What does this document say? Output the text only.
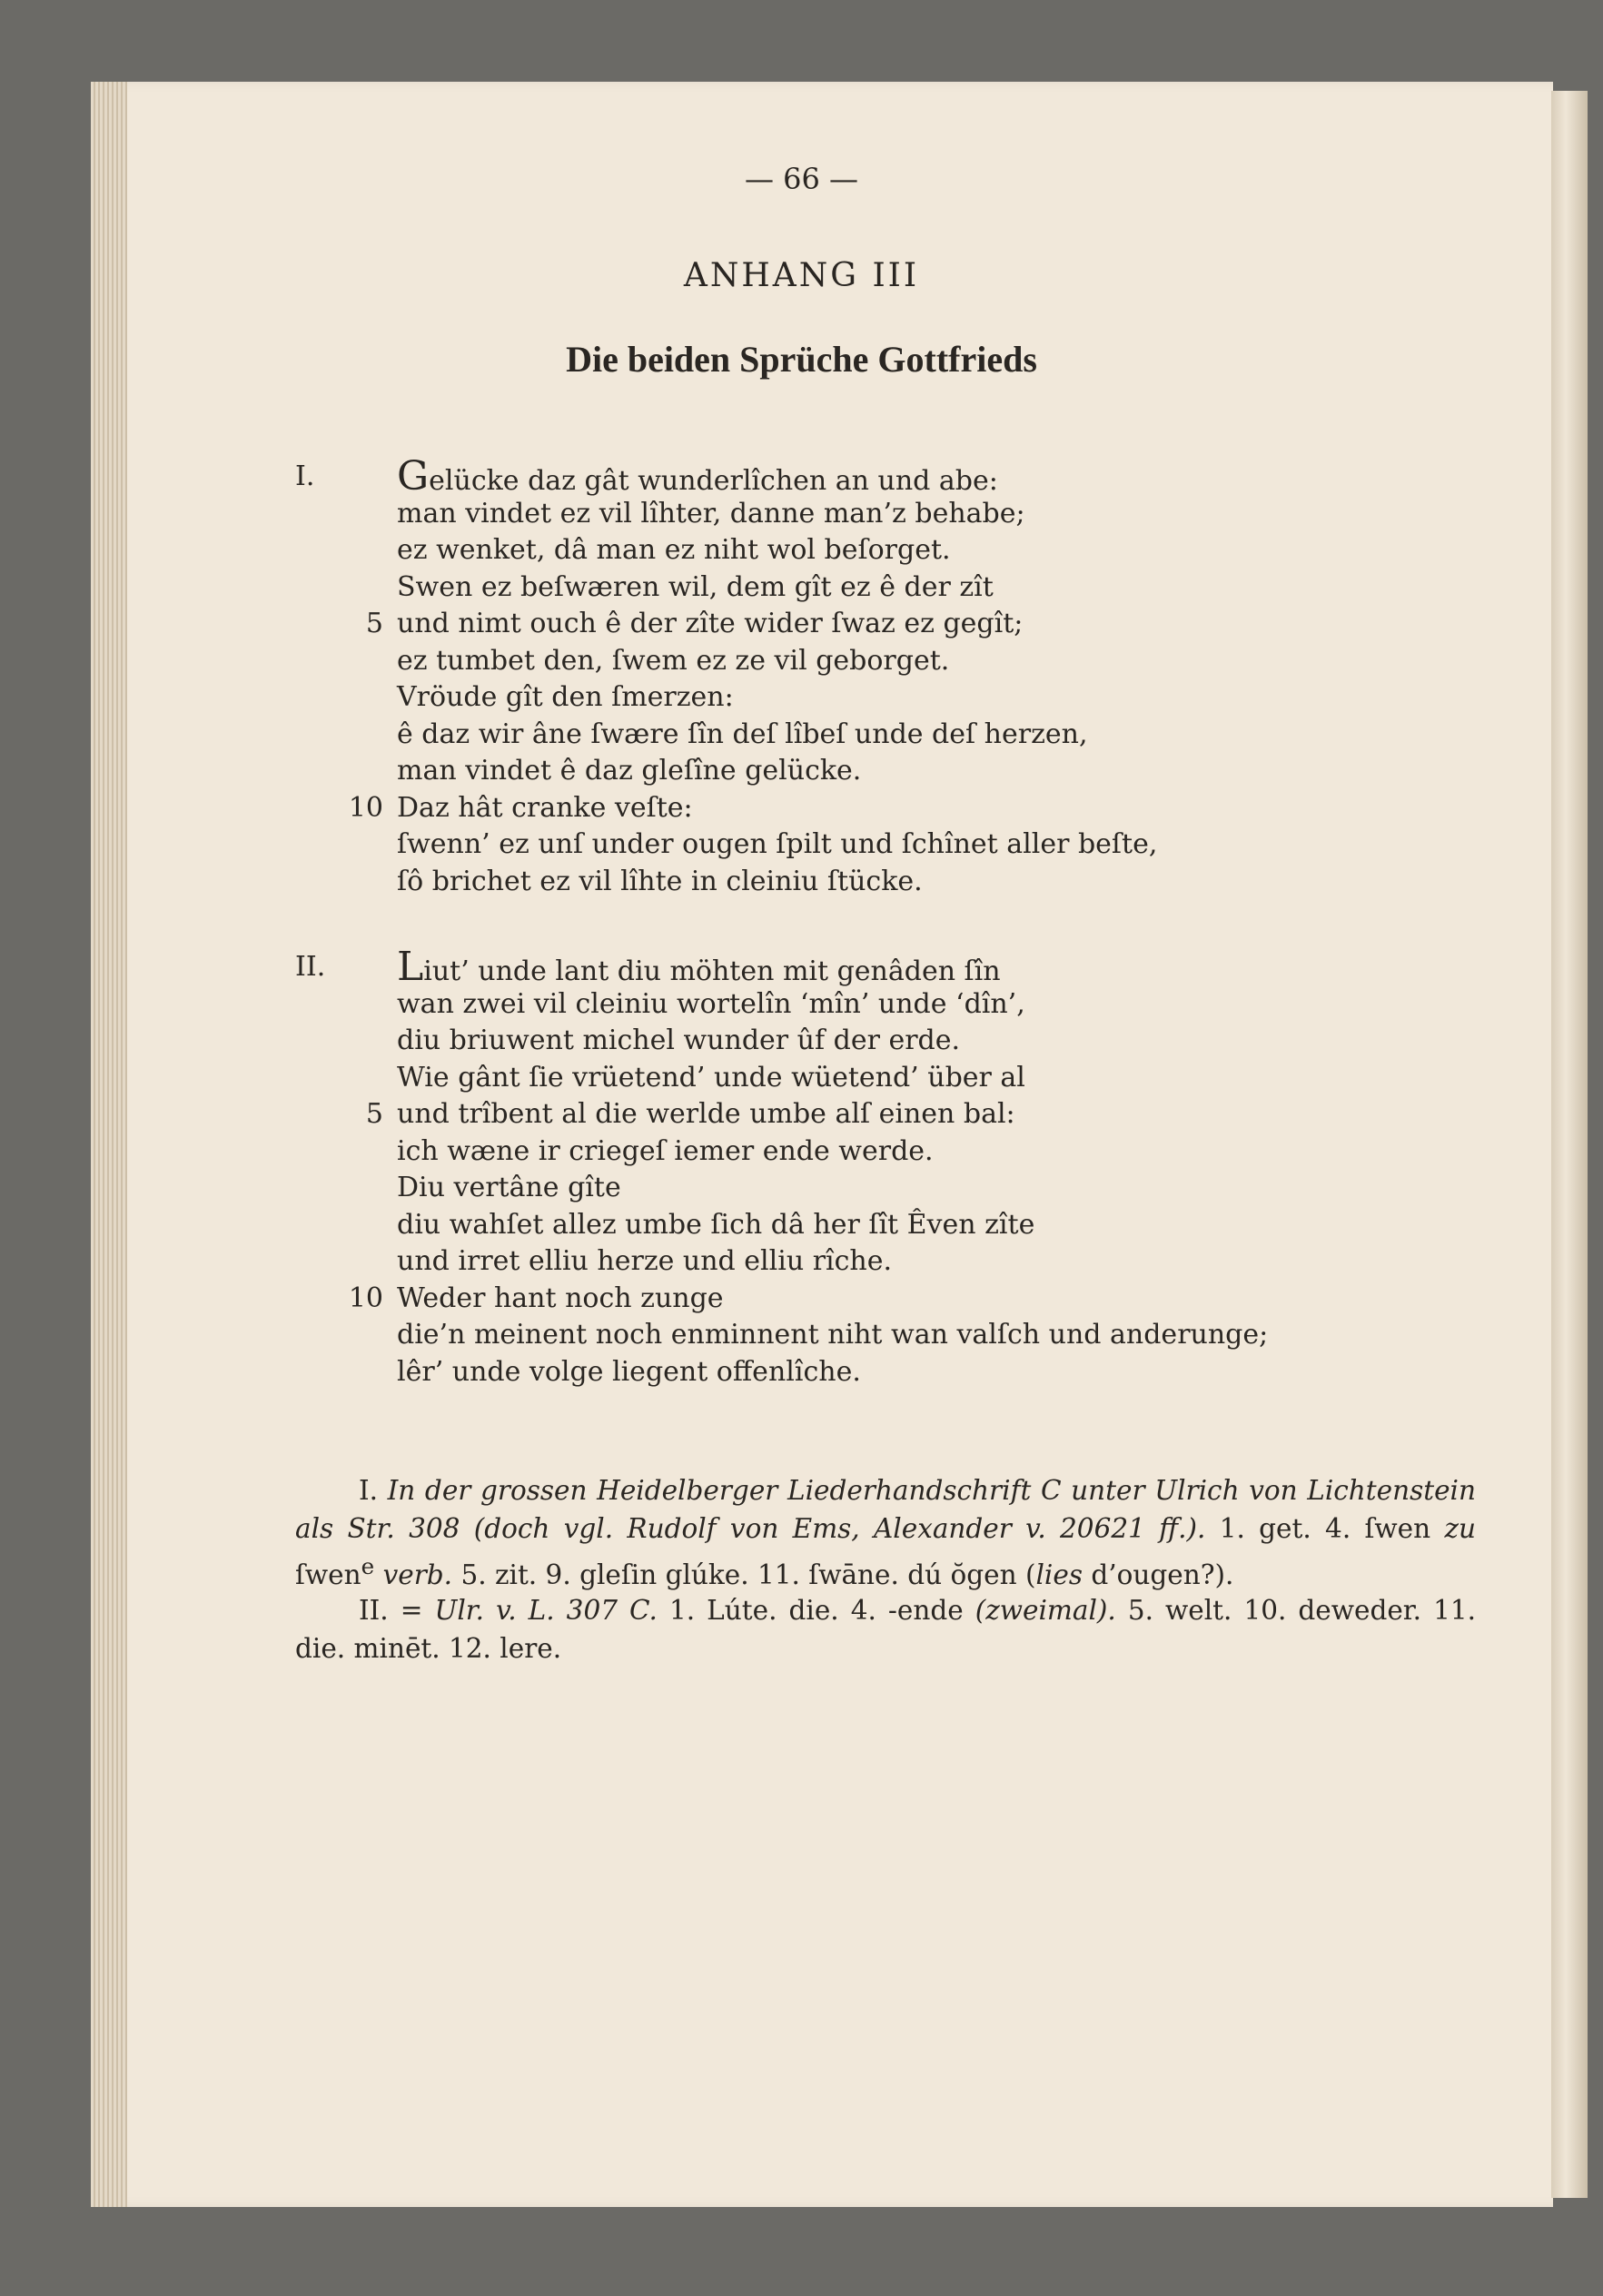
— 66 —
ANHANG III
Die beiden Sprüche Gottfrieds
I. Gelücke daz gât wunderlîchen an und abe:
man vindet ez vil lîhter, danne man’z behabe;
ez wenket, dâ man ez niht wol beſorget.
Swen ez beſwæren wil, dem gît ez ê der zît
5 und nimt ouch ê der zîte wider ſwaz ez gegît;
ez tumbet den, ſwem ez ze vil geborget.
Vröude gît den ſmerzen:
ê daz wir âne ſwære ſîn deſ lîbeſ unde deſ herzen,
man vindet ê daz gleſîne gelücke.
10 Daz hât cranke veſte:
ſwenn’ ez unſ under ougen ſpilt und ſchînet aller beſte,
ſô brichet ez vil lîhte in cleiniu ſtücke.
II. Liut’ unde lant diu möhten mit genâden ſîn
wan zwei vil cleiniu wortelîn ‘mîn’ unde ‘dîn’,
diu briuwent michel wunder ûf der erde.
Wie gânt ſie vrüetend’ unde wüetend’ über al
5 und trîbent al die werlde umbe alſ einen bal:
ich wæne ir criegeſ iemer ende werde.
Diu vertâne gîte
diu wahſet allez umbe ſich dâ her ſît Êven zîte
und irret elliu herze und elliu rîche.
10 Weder hant noch zunge
die’n meinent noch enminnent niht wan valſch und anderunge;
lêr’ unde volge liegent offenlîche.
I. In der grossen Heidelberger Liederhandschrift C unter Ulrich von Lichtenstein als Str. 308 (doch vgl. Rudolf von Ems, Alexander v. 20621 ff.). 1. get. 4. ſwen zu ſwen$^e$ verb. 5. zit. 9. gleſin glúke. 11. ſwāne. dú ŏgen (lies d’ougen?).
II. = Ulr. v. L. 307 C. 1. Lúte. die. 4. -ende (zweimal). 5. welt. 10. deweder. 11. die. minēt. 12. lere.
